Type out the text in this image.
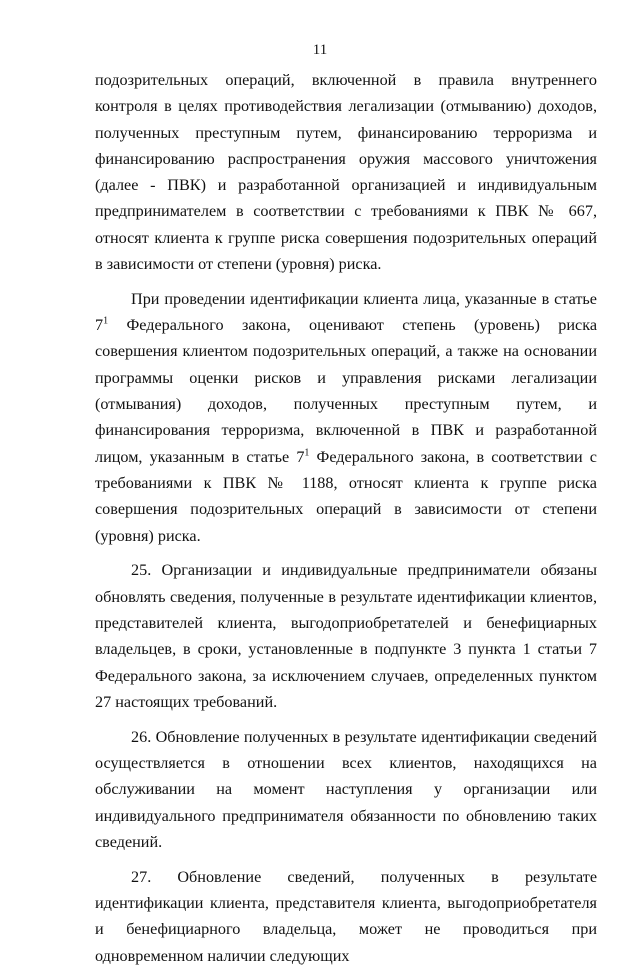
11

подозрительных операций, включенной в правила внутреннего контроля в целях противодействия легализации (отмыванию) доходов, полученных преступным путем, финансированию терроризма и финансированию распространения оружия массового уничтожения (далее - ПВК) и разработанной организацией и индивидуальным предпринимателем в соответствии с требованиями к ПВК № 667, относят клиента к группе риска совершения подозрительных операций в зависимости от степени (уровня) риска.

При проведении идентификации клиента лица, указанные в статье $7^1$ Федерального закона, оценивают степень (уровень) риска совершения клиентом подозрительных операций, а также на основании программы оценки рисков и управления рисками легализации (отмывания) доходов, полученных преступным путем, и финансирования терроризма, включенной в ПВК и разработанной лицом, указанным в статье $7^1$ Федерального закона, в соответствии с требованиями к ПВК № 1188, относят клиента к группе риска совершения подозрительных операций в зависимости от степени (уровня) риска.

25. Организации и индивидуальные предприниматели обязаны обновлять сведения, полученные в результате идентификации клиентов, представителей клиента, выгодоприобретателей и бенефициарных владельцев, в сроки, установленные в подпункте 3 пункта 1 статьи 7 Федерального закона, за исключением случаев, определенных пунктом 27 настоящих требований.

26. Обновление полученных в результате идентификации сведений осуществляется в отношении всех клиентов, находящихся на обслуживании на момент наступления у организации или индивидуального предпринимателя обязанности по обновлению таких сведений.

27. Обновление сведений, полученных в результате идентификации клиента, представителя клиента, выгодоприобретателя и бенефициарного владельца, может не проводиться при одновременном наличии следующих
